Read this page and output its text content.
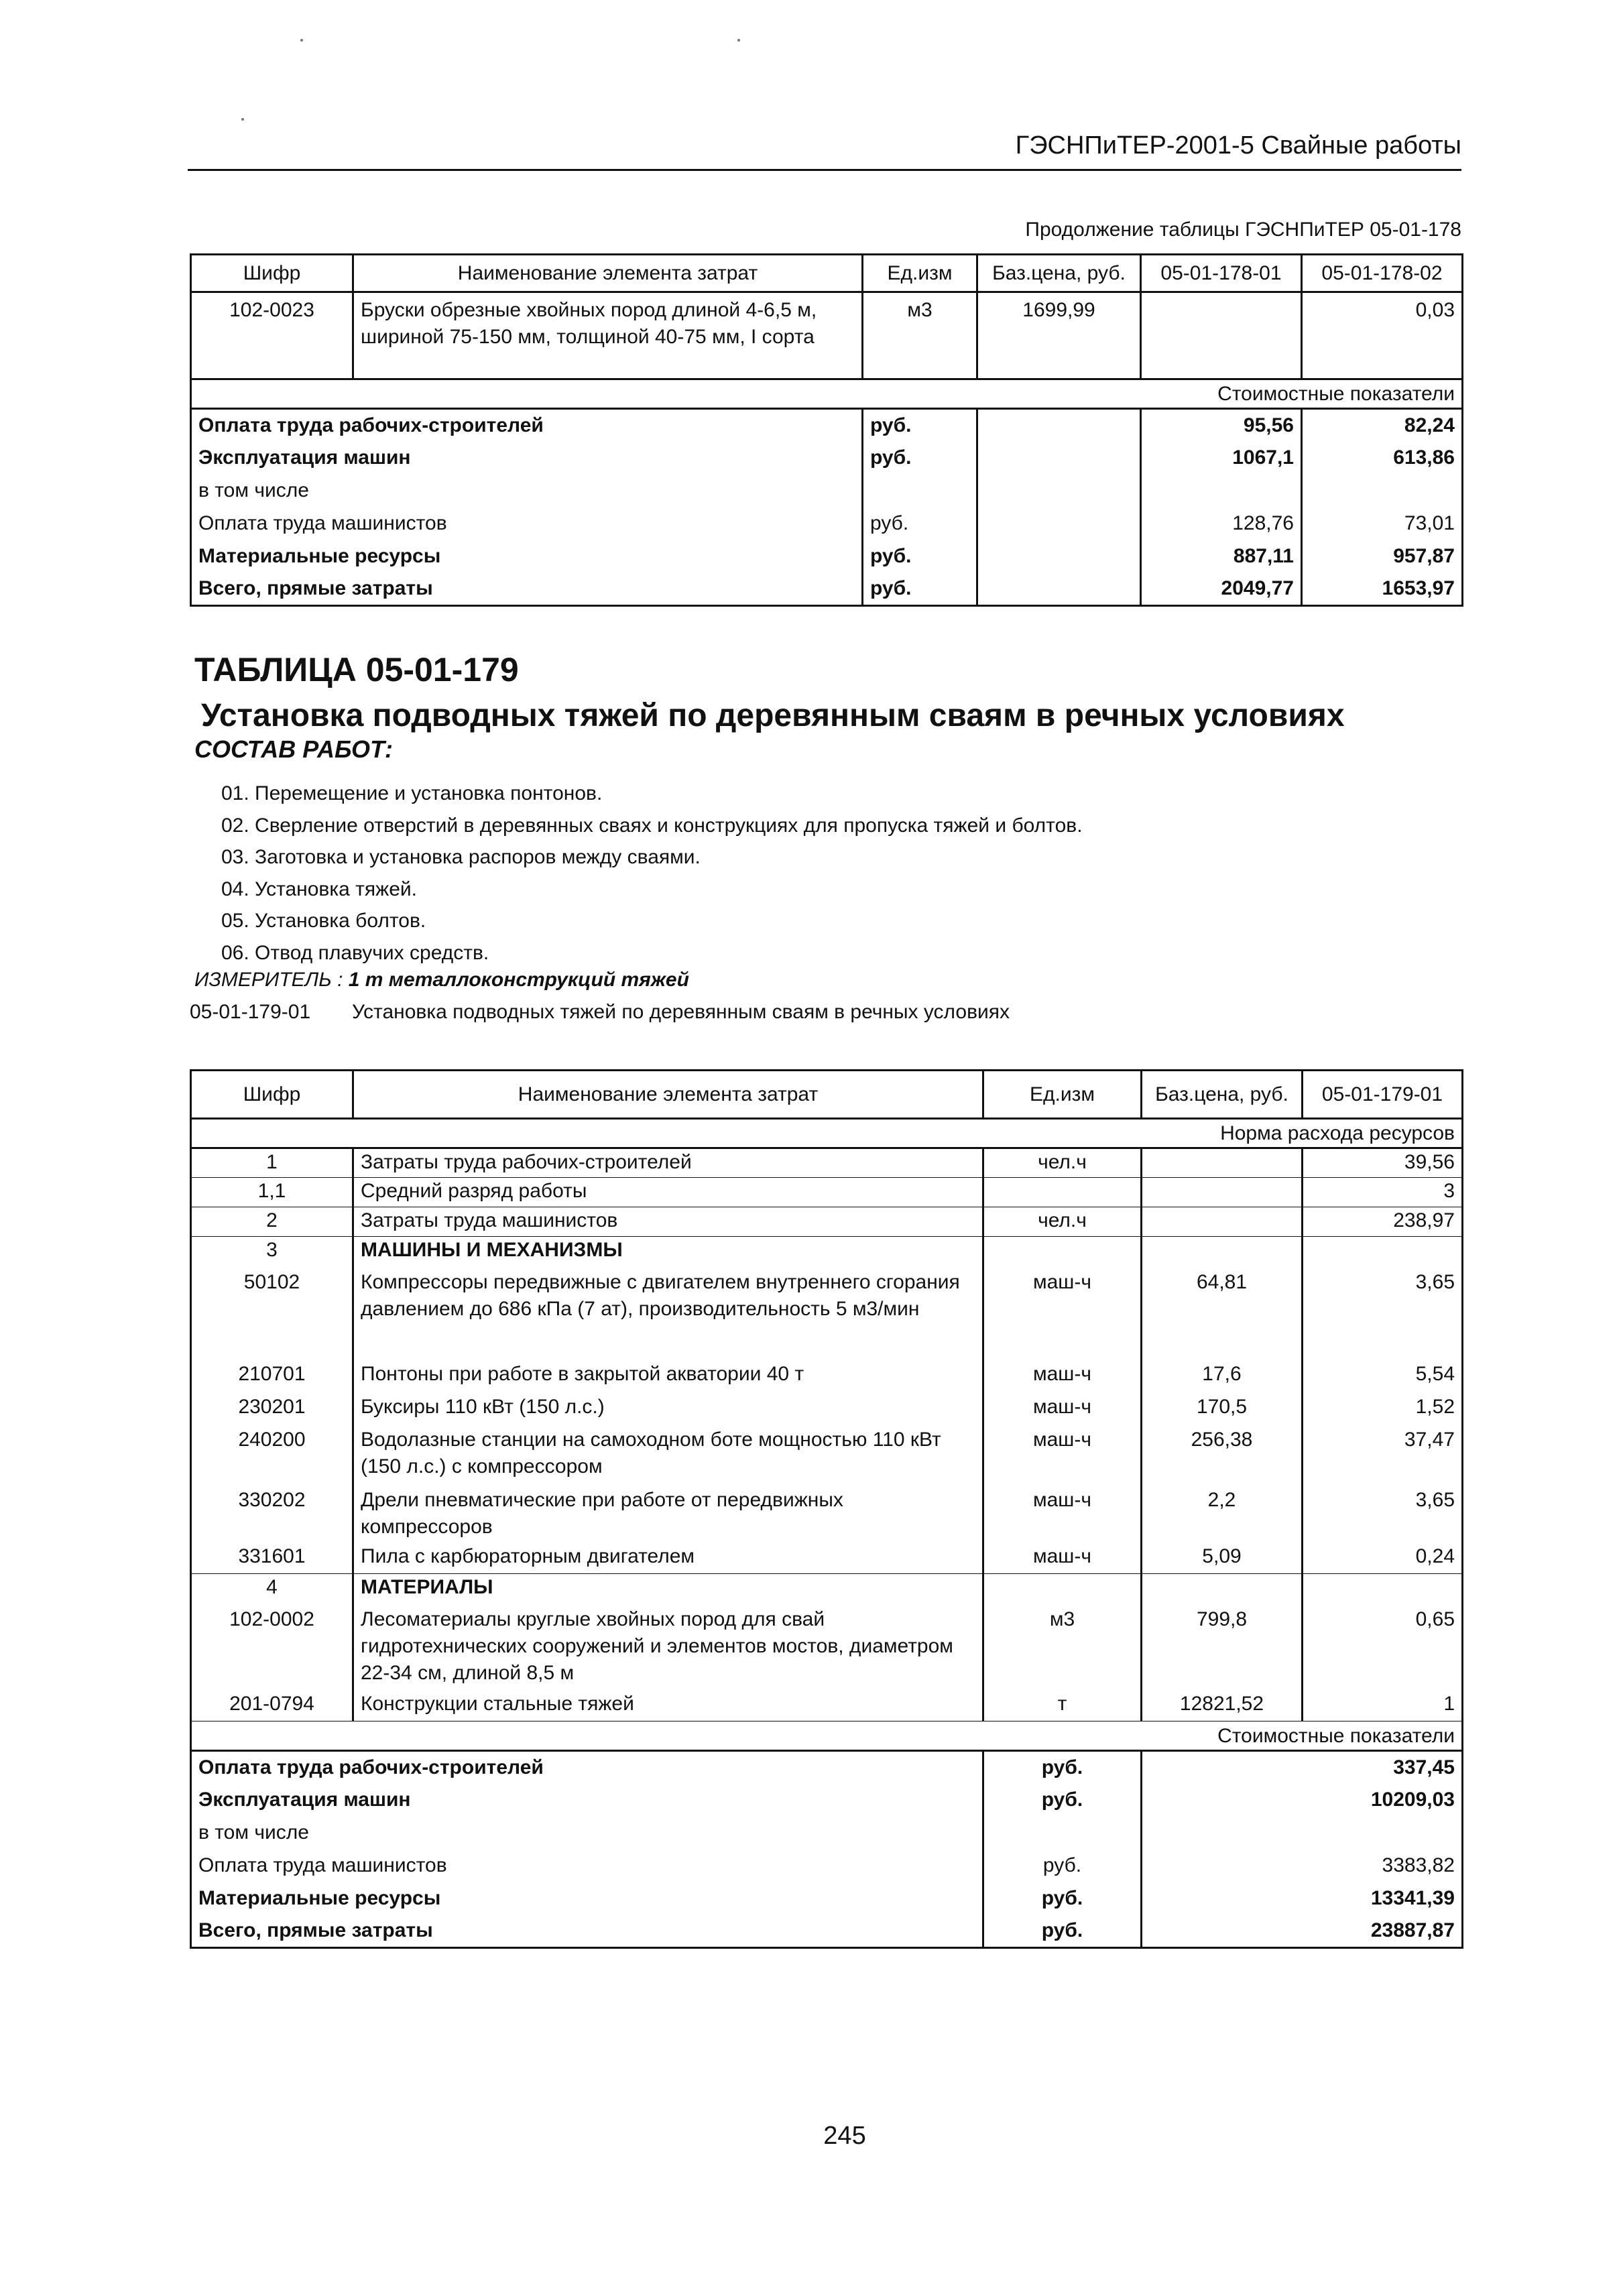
ГЭСНПиТЕР-2001-5 Свайные работы
Продолжение таблицы ГЭСНПиТЕР 05-01-178
Шифр	Наименование элемента затрат	Ед.изм	Баз.цена, руб.	05-01-178-01	05-01-178-02
102-0023	Бруски обрезные хвойных пород длиной 4-6,5 м, шириной 75-150 мм, толщиной 40-75 мм, I сорта	м3	1699,99		0,03
Стоимостные показатели					
Оплата труда рабочих-строителей		руб.		95,56	82,24
Эксплуатация машин		руб.		1067,1	613,86
в том числе					
Оплата труда машинистов		руб.		128,76	73,01
Материальные ресурсы		руб.		887,11	957,87
Всего, прямые затраты		руб.		2049,77	1653,97
ТАБЛИЦА 05-01-179
Установка подводных тяжей по деревянным сваям в речных условиях
СОСТАВ РАБОТ:
01. Перемещение и установка понтонов.
02. Сверление отверстий в деревянных сваях и конструкциях для пропуска тяжей и болтов.
03. Заготовка и установка распоров между сваями.
04. Установка тяжей.
05. Установка болтов.
06. Отвод плавучих средств.
ИЗМЕРИТЕЛЬ : 1 т металлоконструкций тяжей
05-01-179-01 Установка подводных тяжей по деревянным сваям в речных условиях
Шифр	Наименование элемента затрат	Ед.изм	Баз.цена, руб.	05-01-179-01
Норма расхода ресурсов				
1	Затраты труда рабочих-строителей	чел.ч		39,56
1,1	Средний разряд работы			3
2	Затраты труда машинистов	чел.ч		238,97
3	МАШИНЫ И МЕХАНИЗМЫ			
50102	Компрессоры передвижные с двигателем внутреннего сгорания давлением до 686 кПа (7 ат), производительность 5 м3/мин	маш-ч	64,81	3,65
210701	Понтоны при работе в закрытой акватории 40 т	маш-ч	17,6	5,54
230201	Буксиры 110 кВт (150 л.с.)	маш-ч	170,5	1,52
240200	Водолазные станции на самоходном боте мощностью 110 кВт (150 л.с.) с компрессором	маш-ч	256,38	37,47
330202	Дрели пневматические при работе от передвижных компрессоров	маш-ч	2,2	3,65
331601	Пила с карбюраторным двигателем	маш-ч	5,09	0,24
4	МАТЕРИАЛЫ			
102-0002	Лесоматериалы круглые хвойных пород для свай гидротехнических сооружений и элементов мостов, диаметром 22-34 см, длиной 8,5 м	м3	799,8	0,65
201-0794	Конструкции стальные тяжей	т	12821,52	1
Стоимостные показатели				
Оплата труда рабочих-строителей		руб.	337,45	
Эксплуатация машин		руб.	10209,03	
в том числе				
Оплата труда машинистов		руб.	3383,82	
Материальные ресурсы		руб.	13341,39	
Всего, прямые затраты		руб.	23887,87	
245
